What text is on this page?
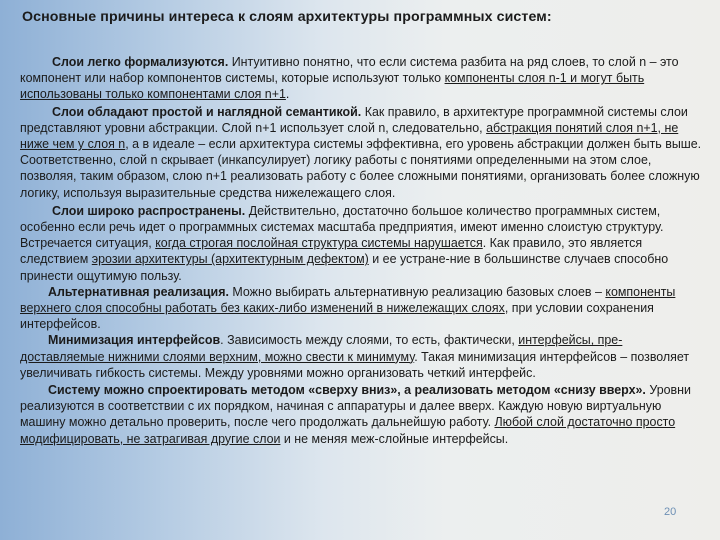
Основные причины интереса к слоям архитектуры программных систем:

Слои легко формализуются. Интуитивно понятно, что если система разбита на ряд слоев, то слой n – это компонент или набор компонентов системы, которые используют только компоненты слоя n-1 и могут быть использованы только компонентами слоя n+1.

Слои обладают простой и наглядной семантикой. Как правило, в архитектуре программной системы слои представляют уровни абстракции. Слой n+1 использует слой n, следовательно, абстракция понятий слоя n+1, не ниже чем у слоя n, а в идеале – если архитектура системы эффективна, его уровень абстракции должен быть выше. Соответственно, слой n скрывает (инкапсулирует) логику работы с понятиями определенными на этом слое, позволяя, таким образом, слою n+1 реализовать работу с более сложными понятиями, организовать более сложную логику, используя выразительные средства нижележащего слоя.

Слои широко распространены. Действительно, достаточно большое количество программных систем, особенно если речь идет о программных системах масштаба предприятия, имеют именно слоистую структуру. Встречается ситуация, когда строгая послойная структура системы нарушается. Как правило, это является следствием эрозии архитектуры (архитектурным дефектом) и ее устране-ние в большинстве случаев способно принести ощутимую пользу.

Альтернативная реализация. Можно выбирать альтернативную реализацию базовых слоев – компоненты верхнего слоя способны работать без каких-либо изменений в нижележащих слоях, при условии сохранения интерфейсов.

Минимизация интерфейсов. Зависимость между слоями, то есть, фактически, интерфейсы, пре-доставляемые нижними слоями верхним, можно свести к минимуму. Такая минимизация интерфейсов – позволяет увеличивать гибкость системы. Между уровнями можно организовать четкий интерфейс.

Систему можно спроектировать методом «сверху вниз», а реализовать методом «снизу вверх». Уровни реализуются в соответствии с их порядком, начиная с аппаратуры и далее вверх. Каждую новую виртуальную машину можно детально проверить, после чего продолжать дальнейшую работу. Любой слой достаточно просто модифицировать, не затрагивая другие слои и не меняя меж-слойные интерфейсы.

20
